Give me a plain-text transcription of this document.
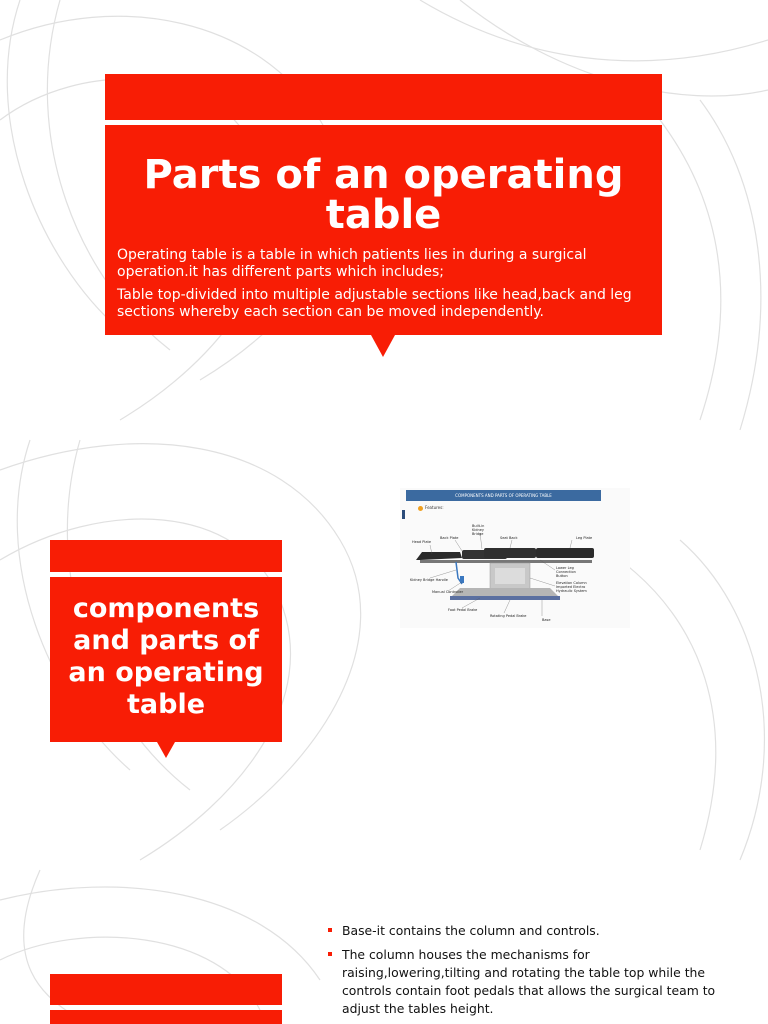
Parts of an operating table

Operating table is a table in which patients lies in during a surgical operation.it has different parts which includes;

Table top-divided into multiple adjustable sections like head,back and leg sections whereby each section can be moved independently.

components and parts of an operating table
COMPONENTS AND PARTS OF OPERATING TABLE
Features:
Head Plate
Back Plate
Built-in Kidney Bridge
Seat Back	Leg Plate
Kidney Bridge Handle
Manual Controller
Lower Leg Connection Button
Elevation Column Imported Electro Hydraulic System
Foot Pedal Brake
Rotating Pedal Brake
Base
Base-it contains the column and controls.
The column houses the mechanisms for raising,lowering,tilting and rotating the table top while the controls contain foot pedals that allows the surgical team to adjust the tables height.
